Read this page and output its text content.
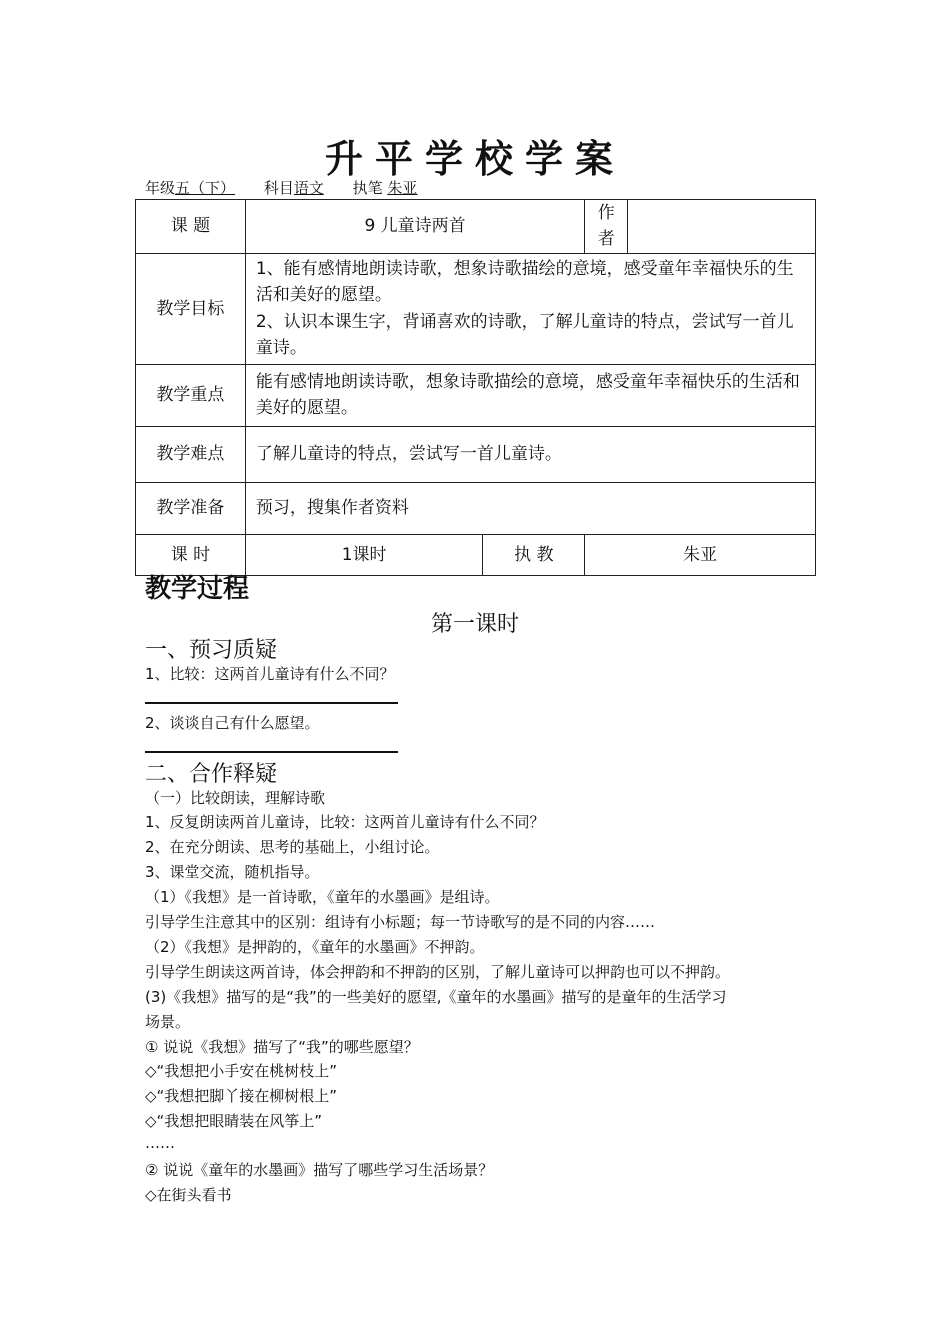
升平学校学案
年级五（下） 科目语文 执笔 朱亚
课 题	9 儿童诗两首		作者	
教学目标	1、能有感情地朗读诗歌，想象诗歌描绘的意境，感受童年幸福快乐的生活和美好的愿望。
2、认识本课生字，背诵喜欢的诗歌，了解儿童诗的特点，尝试写一首儿童诗。			

教学重点	能有感情地朗读诗歌，想象诗歌描绘的意境，感受童年幸福快乐的生活和美好的愿望。			
教学难点	了解儿童诗的特点，尝试写一首儿童诗。			
教学准备	预习，搜集作者资料			
课 时	1课时	执 教	朱亚	
教学过程
第一课时
一、预习质疑

1、比较：这两首儿童诗有什么不同？

2、谈谈自己有什么愿望。

二、合作释疑

（一）比较朗读，理解诗歌

1、反复朗读两首儿童诗，比较：这两首儿童诗有什么不同？

2、在充分朗读、思考的基础上，小组讨论。

3、课堂交流，随机指导。

（1）《我想》是一首诗歌，《童年的水墨画》是组诗。

引导学生注意其中的区别：组诗有小标题；每一节诗歌写的是不同的内容……

（2）《我想》是押韵的，《童年的水墨画》不押韵。

引导学生朗读这两首诗，体会押韵和不押韵的区别，了解儿童诗可以押韵也可以不押韵。

(3)《我想》描写的是“我”的一些美好的愿望,《童年的水墨画》描写的是童年的生活学习

场景。

① 说说《我想》描写了“我”的哪些愿望？

◇“我想把小手安在桃树枝上”

◇“我想把脚丫接在柳树根上”

◇“我想把眼睛装在风筝上”

……

② 说说《童年的水墨画》描写了哪些学习生活场景？

◇在街头看书
